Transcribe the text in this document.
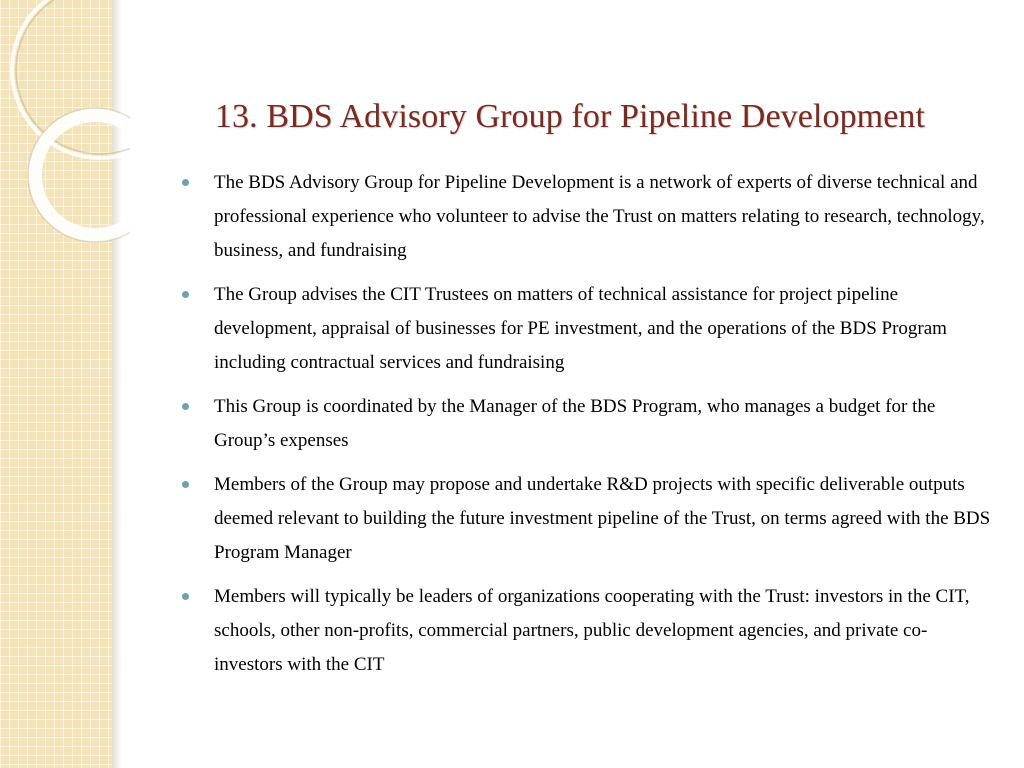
13. BDS Advisory Group for Pipeline Development
The BDS Advisory Group for Pipeline Development is a network of experts of diverse technical and professional experience who volunteer to advise the Trust on matters relating to research, technology, business, and fundraising
The Group advises the CIT Trustees on matters of technical assistance for project pipeline development, appraisal of businesses for PE investment, and the operations of the BDS Program including contractual services and fundraising
This Group is coordinated by the Manager of the BDS Program, who manages a budget for the Group’s expenses
Members of the Group may propose and undertake R&D projects with specific deliverable outputs deemed relevant to building the future investment pipeline of the Trust, on terms agreed with the BDS Program Manager
Members will typically be leaders of organizations cooperating with the Trust: investors in the CIT, schools, other non-profits, commercial partners, public development agencies, and private co-investors with the CIT
